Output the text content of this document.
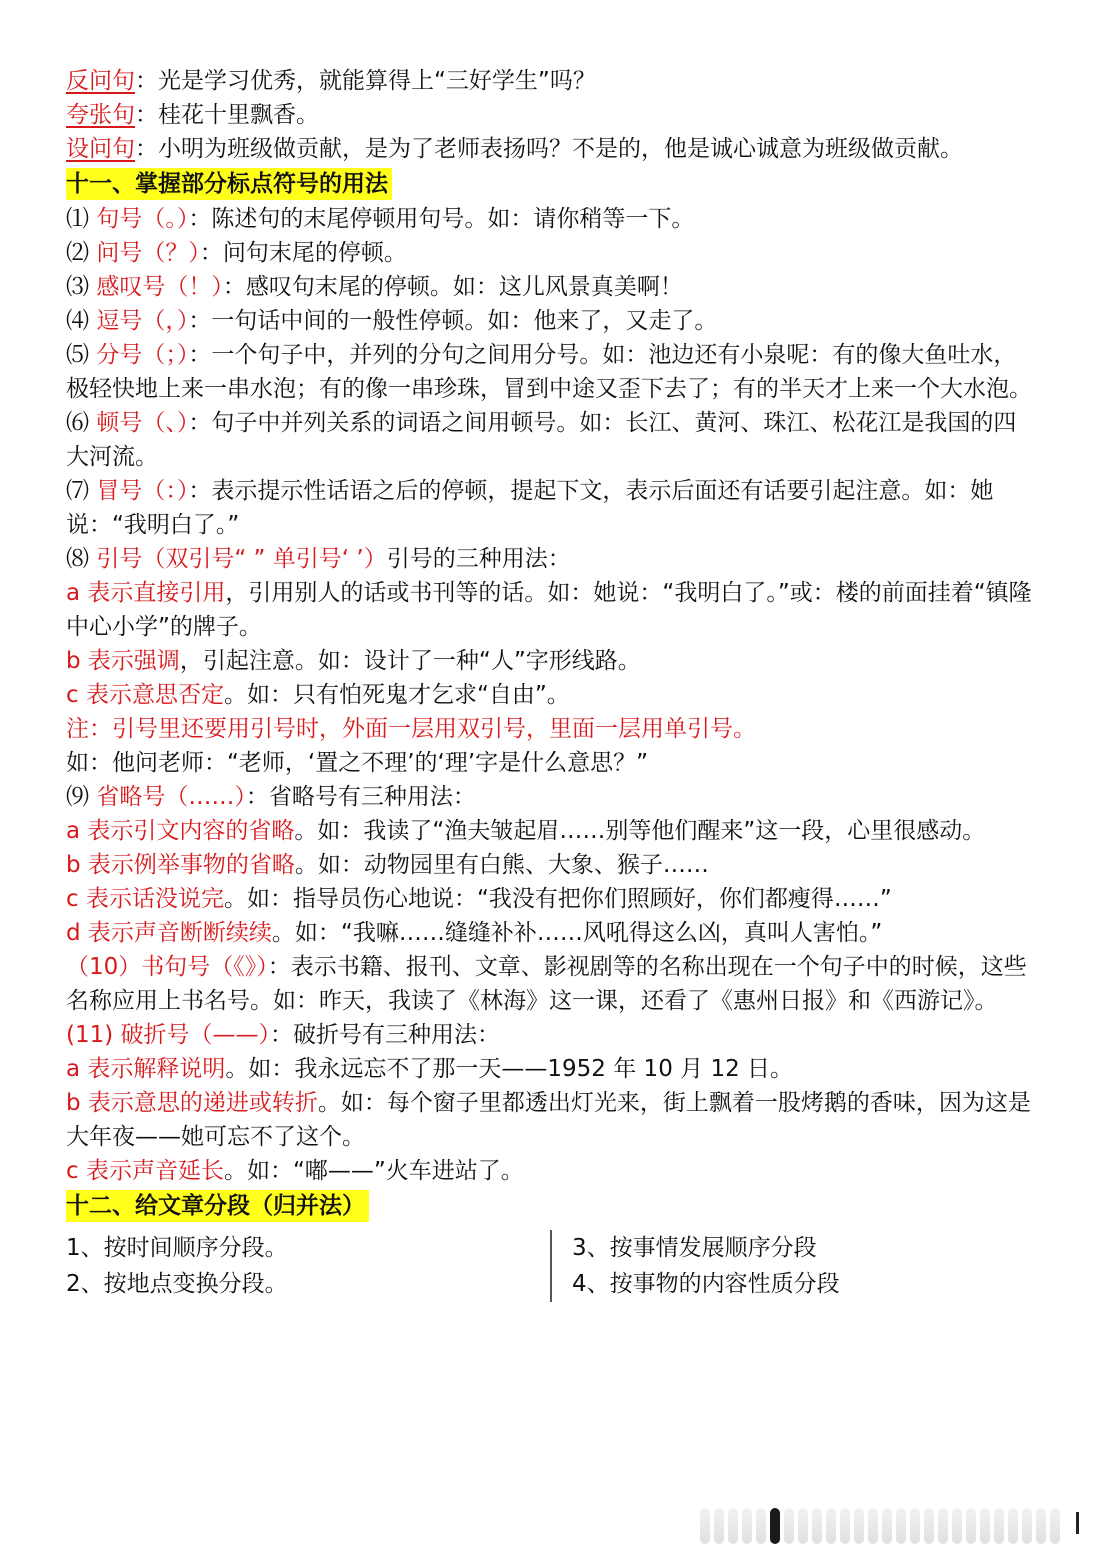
反问句：光是学习优秀，就能算得上“三好学生”吗？

夸张句：桂花十里飘香。

设问句：小明为班级做贡献，是为了老师表扬吗？不是的，他是诚心诚意为班级做贡献。

十一、掌握部分标点符号的用法

⑴ 句号（。）：陈述句的末尾停顿用句号。如：请你稍等一下。

⑵ 问号（？）：问句末尾的停顿。

⑶ 感叹号（！）：感叹句末尾的停顿。如：这儿风景真美啊！

⑷ 逗号（，）：一句话中间的一般性停顿。如：他来了，又走了。

⑸ 分号（；）：一个句子中，并列的分句之间用分号。如：池边还有小泉呢：有的像大鱼吐水，极轻快地上来一串水泡；有的像一串珍珠，冒到中途又歪下去了；有的半天才上来一个大水泡。

⑹ 顿号（、）：句子中并列关系的词语之间用顿号。如：长江、黄河、珠江、松花江是我国的四大河流。

⑺ 冒号（：）：表示提示性话语之后的停顿，提起下文，表示后面还有话要引起注意。如：她说：“我明白了。”

⑻ 引号（双引号“ ” 单引号‘ ’）引号的三种用法：

a 表示直接引用，引用别人的话或书刊等的话。如：她说：“我明白了。”或：楼的前面挂着“镇隆中心小学”的牌子。

b 表示强调，引起注意。如：设计了一种“人”字形线路。

c 表示意思否定。如：只有怕死鬼才乞求“自由”。

注：引号里还要用引号时，外面一层用双引号，里面一层用单引号。

如：他问老师：“老师，‘置之不理’的‘理’字是什么意思？”

⑼ 省略号（……）：省略号有三种用法：

a 表示引文内容的省略。如：我读了“渔夫皱起眉……别等他们醒来”这一段，心里很感动。

b 表示例举事物的省略。如：动物园里有白熊、大象、猴子……

c 表示话没说完。如：指导员伤心地说：“我没有把你们照顾好，你们都瘦得……”

d 表示声音断断续续。如：“我嘛……缝缝补补……风吼得这么凶，真叫人害怕。”

（10）书句号（《》）：表示书籍、报刊、文章、影视剧等的名称出现在一个句子中的时候，这些名称应用上书名号。如：昨天，我读了《林海》这一课，还看了《惠州日报》和《西游记》。

(11) 破折号（——）：破折号有三种用法：

a 表示解释说明。如：我永远忘不了那一天——1952 年 10 月 12 日。

b 表示意思的递进或转折。如：每个窗子里都透出灯光来，街上飘着一股烤鹅的香味，因为这是大年夜——她可忘不了这个。

c 表示声音延长。如：“嘟——”火车进站了。

十二、给文章分段（归并法）

1、按时间顺序分段。

2、按地点变换分段。

3、按事情发展顺序分段

4、按事物的内容性质分段
